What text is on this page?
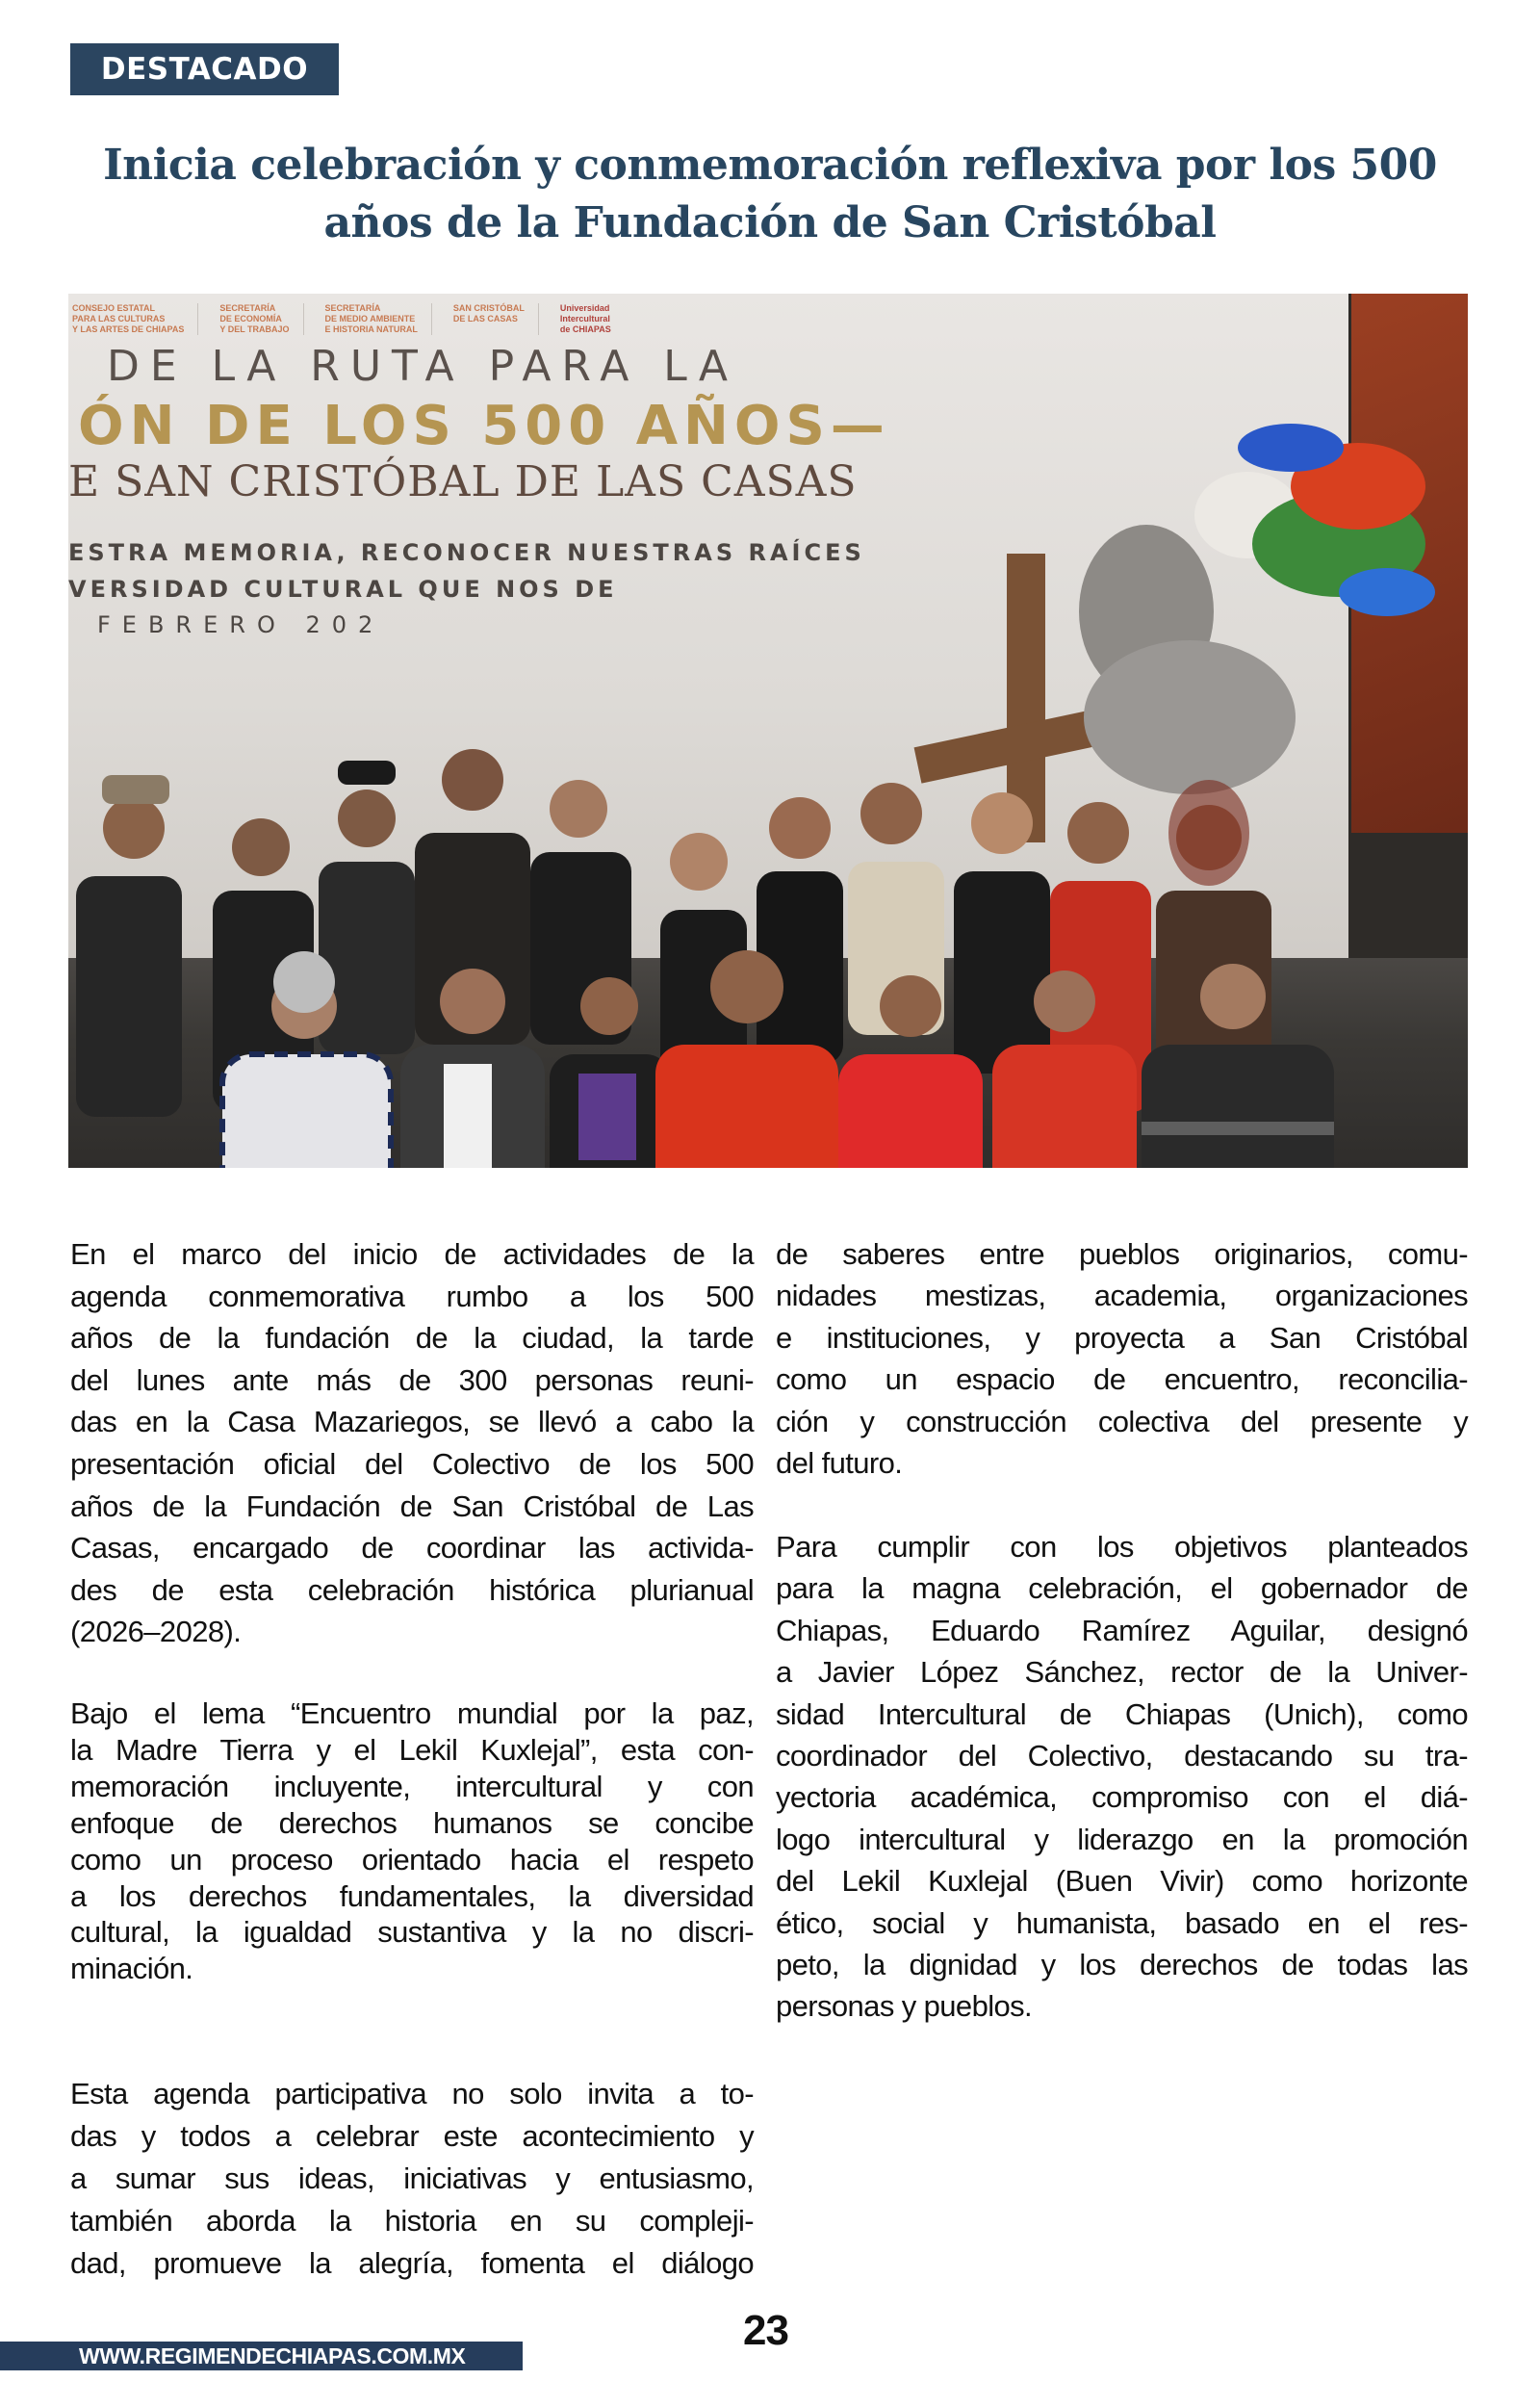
DESTACADO
Inicia celebración y conmemoración reflexiva por los 500
años de la Fundación de San Cristóbal
CONSEJO ESTATAL
PARA LAS CULTURAS
Y LAS ARTES DE CHIAPAS
SECRETARÍA
DE ECONOMÍA
Y DEL TRABAJO
SECRETARÍA
DE MEDIO AMBIENTE
E HISTORIA NATURAL
SAN CRISTÓBAL
DE LAS CASAS
Universidad
Intercultural
de CHIAPAS
DE LA RUTA PARA LA
ÓN DE LOS 500 AÑOS—
E SAN CRISTÓBAL DE LAS CASAS
ESTRA MEMORIA, RECONOCER NUESTRAS RAÍCES
VERSIDAD CULTURAL QUE NOS DE
FEBRERO 202
En el marco del inicio de actividades de la
agenda conmemorativa rumbo a los 500
años de la fundación de la ciudad, la tarde
del lunes ante más de 300 personas reuni-
das en la Casa Mazariegos, se llevó a cabo la
presentación oficial del Colectivo de los 500
años de la Fundación de San Cristóbal de Las
Casas, encargado de coordinar las activida-
des de esta celebración histórica plurianual
(2026–2028).
Bajo el lema “Encuentro mundial por la paz,
la Madre Tierra y el Lekil Kuxlejal”, esta con-
memoración incluyente, intercultural y con
enfoque de derechos humanos se concibe
como un proceso orientado hacia el respeto
a los derechos fundamentales, la diversidad
cultural, la igualdad sustantiva y la no discri-
minación.
Esta agenda participativa no solo invita a to-
das y todos a celebrar este acontecimiento y
a sumar sus ideas, iniciativas y entusiasmo,
también aborda la historia en su compleji-
dad, promueve la alegría, fomenta el diálogo
de saberes entre pueblos originarios, comu-
nidades mestizas, academia, organizaciones
e instituciones, y proyecta a San Cristóbal
como un espacio de encuentro, reconcilia-
ción y construcción colectiva del presente y
del futuro.
Para cumplir con los objetivos planteados
para la magna celebración, el gobernador de
Chiapas, Eduardo Ramírez Aguilar, designó
a Javier López Sánchez, rector de la Univer-
sidad Intercultural de Chiapas (Unich), como
coordinador del Colectivo, destacando su tra-
yectoria académica, compromiso con el diá-
logo intercultural y liderazgo en la promoción
del Lekil Kuxlejal (Buen Vivir) como horizonte
ético, social y humanista, basado en el res-
peto, la dignidad y los derechos de todas las
personas y pueblos.
WWW.REGIMENDECHIAPAS.COM.MX
23
